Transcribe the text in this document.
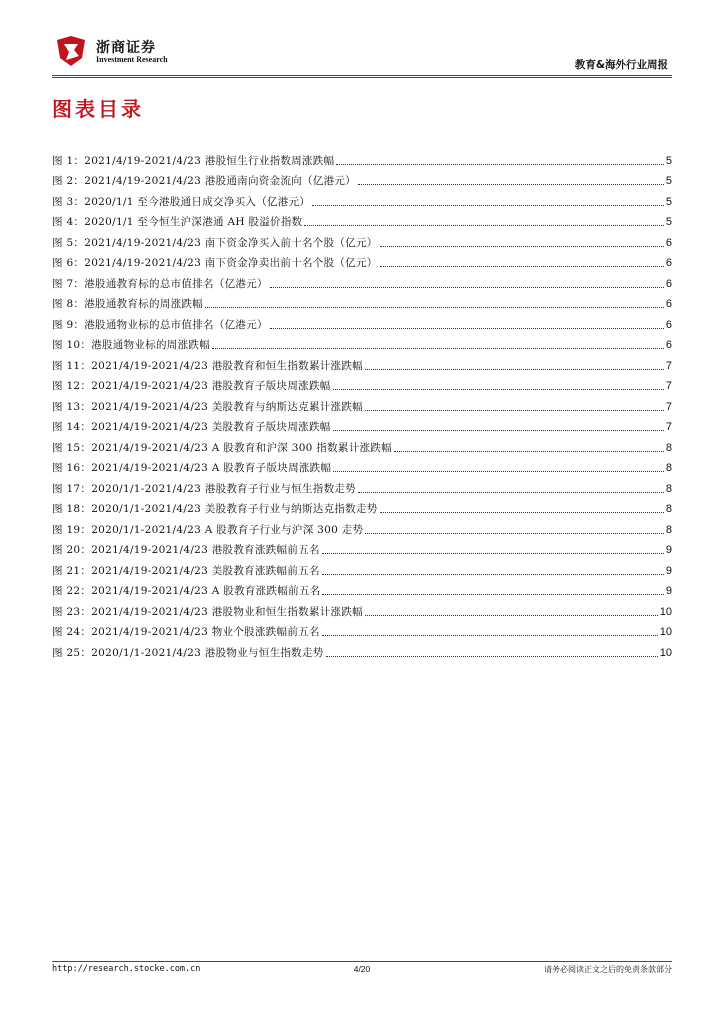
浙商证券
Investment Research	教育&海外行业周报
图表目录
图 1：2021/4/19-2021/4/23 港股恒生行业指数周涨跌幅	5
图 2：2021/4/19-2021/4/23 港股通南向资金流向（亿港元）	5
图 3：2020/1/1 至今港股通日成交净买入（亿港元）	5
图 4：2020/1/1 至今恒生沪深港通 AH 股溢价指数	5
图 5：2021/4/19-2021/4/23 南下资金净买入前十名个股（亿元）	6
图 6：2021/4/19-2021/4/23 南下资金净卖出前十名个股（亿元）	6
图 7：港股通教育标的总市值排名（亿港元）	6
图 8：港股通教育标的周涨跌幅	6
图 9：港股通物业标的总市值排名（亿港元）	6
图 10：港股通物业标的周涨跌幅	6
图 11：2021/4/19-2021/4/23 港股教育和恒生指数累计涨跌幅	7
图 12：2021/4/19-2021/4/23 港股教育子版块周涨跌幅	7
图 13：2021/4/19-2021/4/23 美股教育与纳斯达克累计涨跌幅	7
图 14：2021/4/19-2021/4/23 美股教育子版块周涨跌幅	7
图 15：2021/4/19-2021/4/23 A 股教育和沪深 300 指数累计涨跌幅	8
图 16：2021/4/19-2021/4/23 A 股教育子版块周涨跌幅	8
图 17：2020/1/1-2021/4/23 港股教育子行业与恒生指数走势	8
图 18：2020/1/1-2021/4/23 美股教育子行业与纳斯达克指数走势	8
图 19：2020/1/1-2021/4/23 A 股教育子行业与沪深 300 走势	8
图 20：2021/4/19-2021/4/23 港股教育涨跌幅前五名	9
图 21：2021/4/19-2021/4/23 美股教育涨跌幅前五名	9
图 22：2021/4/19-2021/4/23 A 股教育涨跌幅前五名	9
图 23：2021/4/19-2021/4/23 港股物业和恒生指数累计涨跌幅	10
图 24：2021/4/19-2021/4/23 物业个股涨跌幅前五名	10
图 25：2020/1/1-2021/4/23 港股物业与恒生指数走势	10
http://research.stocke.com.cn	4/20	请务必阅读正文之后的免责条款部分
